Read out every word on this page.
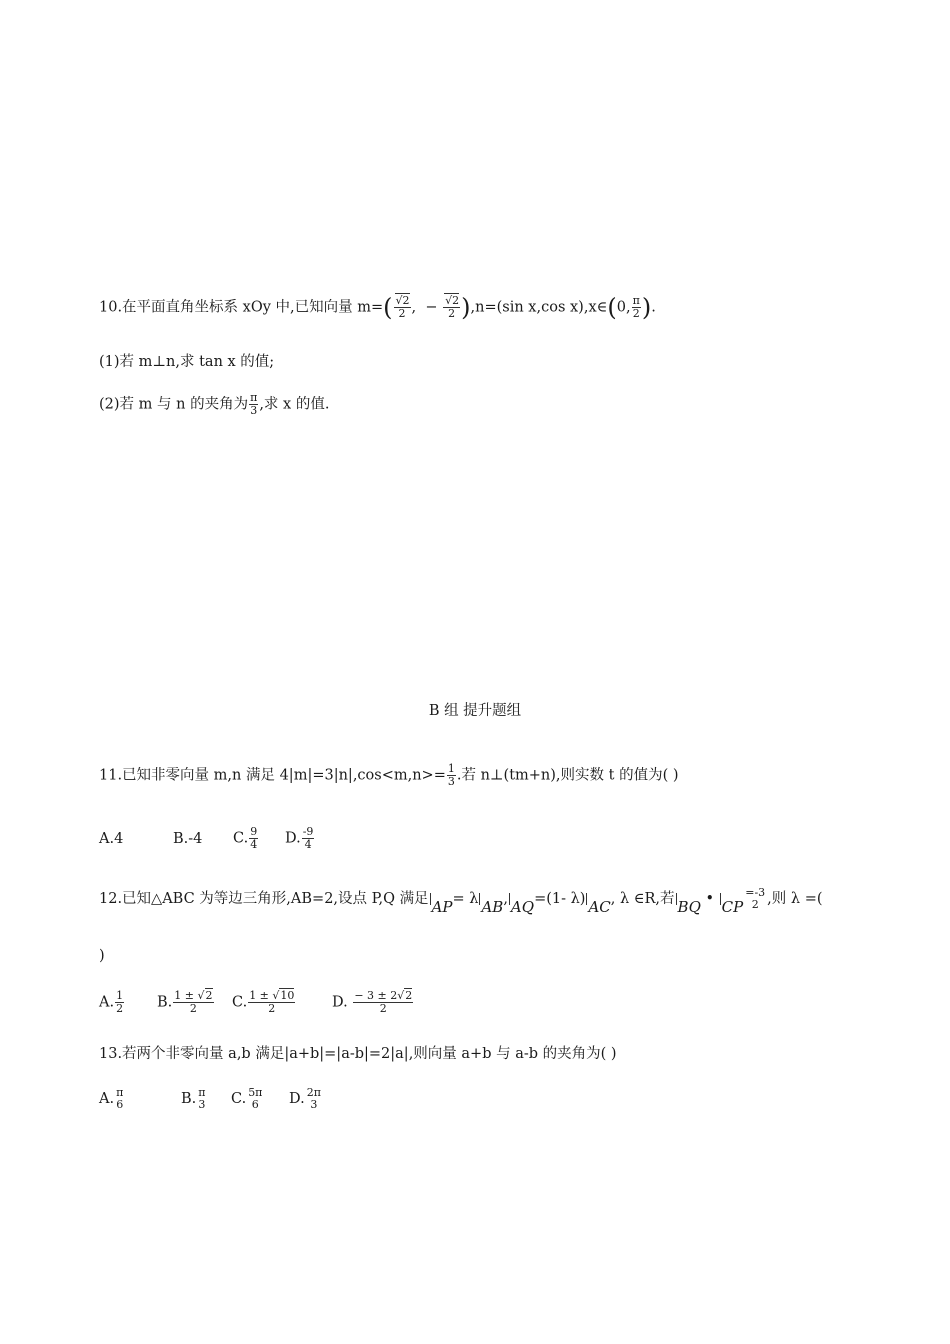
10.在平面直角坐标系 xOy 中,已知向量 $m=( \frac{√2}{2}$ , − $\frac{√2}{2} ),n=(\sin$ x,cos x),x∈(0, $\frac{\pi}{2}$ ).
(1)若 m⊥n,求 tan x 的值;
(2)若 m 与 n 的夹角为 $\frac{\pi}{3}$ ,求 x 的值.
B 组 提升题组
11.已知非零向量 m,n 满足 $4|m|=3|n|,\cos<m,n>= \frac{1}{3}$ .若 n⊥(tm+n),则实数 t 的值为( )
A.4	B.-4 C. $\frac{9}{4} D$. $\frac{-9}{4}$
12.已知△ABC 为等边三角形,AB=2,设点 P,Q 满足 AP= λ AB, AQ=(1- λ) AC, λ ∈R,若 BQ • CP
=-3
2 ,则 λ =(
)
A. $\frac{1}{2} B$. $\frac{1 \pm √2}{2} C$. $\frac{1 \pm √10}{2}$	D. $\frac{- 3 \pm 2√2}{2}$
13.若两个非零向量 a,b 满足|a+b|=|a-b|=2|a|,则向量 a+b 与 a-b 的夹角为( )
A. π
6	B. π
3 C. 5π
6	D. 2π
3
